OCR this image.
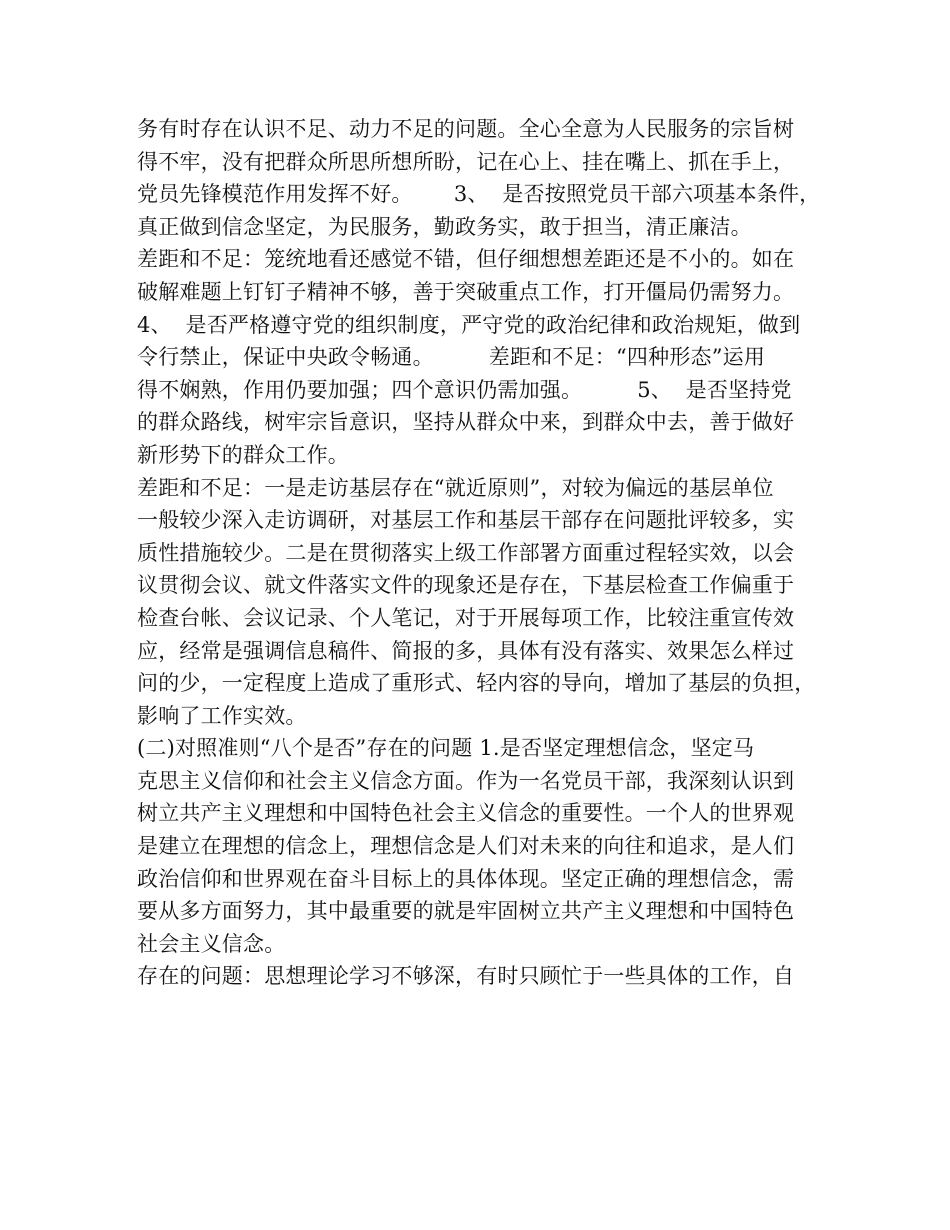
务有时存在认识不足、动力不足的问题。全心全意为人民服务的宗旨树
得不牢，没有把群众所思所想所盼，记在心上、挂在嘴上、抓在手上，
党员先锋模范作用发挥不好。      3、  是否按照党员干部六项基本条件，
真正做到信念坚定，为民服务，勤政务实，敢于担当，清正廉洁。
差距和不足：笼统地看还感觉不错，但仔细想想差距还是不小的。如在
破解难题上钉钉子精神不够，善于突破重点工作，打开僵局仍需努力。
4、  是否严格遵守党的组织制度，严守党的政治纪律和政治规矩，做到
令行禁止，保证中央政令畅通。        差距和不足：“四种形态”运用
得不娴熟，作用仍要加强；四个意识仍需加强。        5、  是否坚持党
的群众路线，树牢宗旨意识，坚持从群众中来，到群众中去，善于做好
新形势下的群众工作。
差距和不足：一是走访基层存在“就近原则”，对较为偏远的基层单位
一般较少深入走访调研，对基层工作和基层干部存在问题批评较多，实
质性措施较少。二是在贯彻落实上级工作部署方面重过程轻实效，以会
议贯彻会议、就文件落实文件的现象还是存在，下基层检查工作偏重于
检查台帐、会议记录、个人笔记，对于开展每项工作，比较注重宣传效
应，经常是强调信息稿件、简报的多，具体有没有落实、效果怎么样过
问的少，一定程度上造成了重形式、轻内容的导向，增加了基层的负担，
影响了工作实效。
(二)对照准则“八个是否”存在的问题 1.是否坚定理想信念，坚定马
克思主义信仰和社会主义信念方面。作为一名党员干部，我深刻认识到
树立共产主义理想和中国特色社会主义信念的重要性。一个人的世界观
是建立在理想的信念上，理想信念是人们对未来的向往和追求，是人们
政治信仰和世界观在奋斗目标上的具体体现。坚定正确的理想信念，需
要从多方面努力，其中最重要的就是牢固树立共产主义理想和中国特色
社会主义信念。
存在的问题：思想理论学习不够深，有时只顾忙于一些具体的工作，自
